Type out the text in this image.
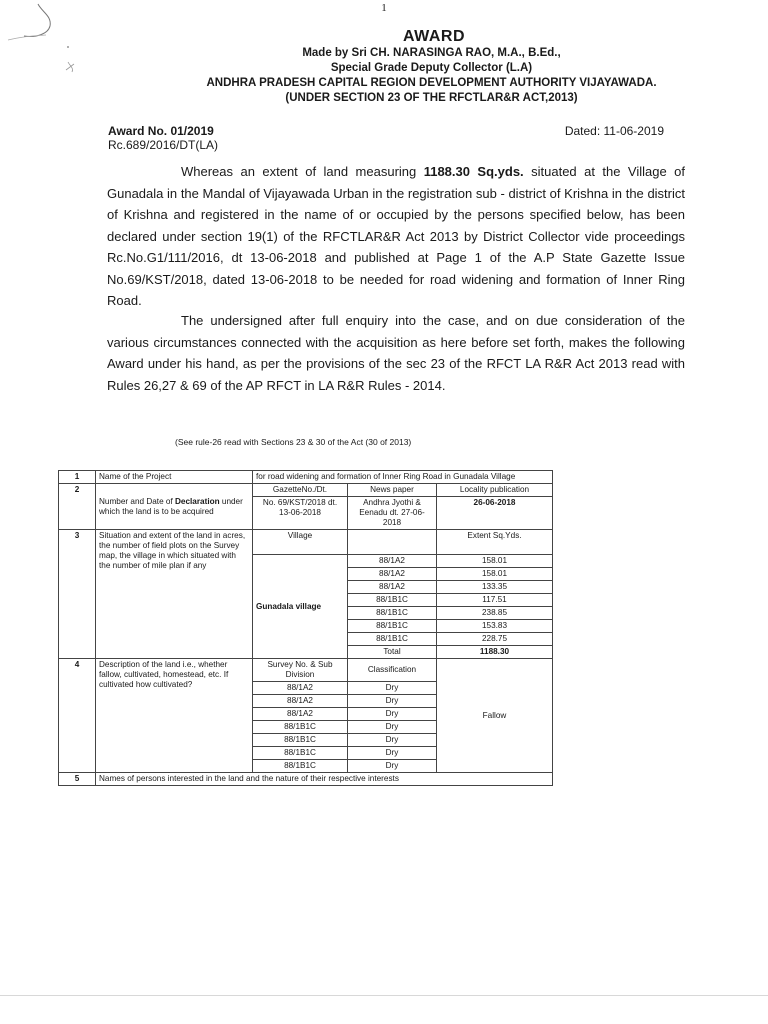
1
AWARD
Made by Sri CH. NARASINGA RAO, M.A., B.Ed.,
Special Grade Deputy Collector (L.A)
ANDHRA PRADESH CAPITAL REGION DEVELOPMENT AUTHORITY VIJAYAWADA.
(UNDER SECTION 23 OF THE RFCTLAR&R ACT,2013)
Award No. 01/2019	Dated: 11-06-2019
Rc.689/2016/DT(LA)
Whereas an extent of land measuring 1188.30 Sq.yds. situated at the Village of Gunadala in the Mandal of Vijayawada Urban in the registration sub - district of Krishna in the district of Krishna and registered in the name of or occupied by the persons specified below, has been declared under section 19(1) of the RFCTLAR&R Act 2013 by District Collector vide proceedings Rc.No.G1/111/2016, dt 13-06-2018 and published at Page 1 of the A.P State Gazette Issue No.69/KST/2018, dated 13-06-2018 to be needed for road widening and formation of Inner Ring Road.
The undersigned after full enquiry into the case, and on due consideration of the various circumstances connected with the acquisition as here before set forth, makes the following Award under his hand, as per the provisions of the sec 23 of the RFCT LA R&R Act 2013 read with Rules 26,27 & 69 of the AP RFCT in LA R&R Rules - 2014.
(See rule-26 read with Sections 23 & 30 of the Act (30 of 2013)
1	Name of the Project	for road widening and formation of Inner Ring Road in Gunadala Village		
2	Number and Date of Declaration under which the land is to be acquired	GazetteNo./Dt.	News paper	Locality publication
		No. 69/KST/2018 dt. 13-06-2018	Andhra Jyothi & Eenadu dt. 27-06-2018	26-06-2018
3	Situation and extent of the land in acres, the number of field plots on the Survey map, the village in which situated with the number of mile plan if any	Village		Extent Sq.Yds.
		Gunadala village	88/1A2	158.01
			88/1A2	158.01
			88/1A2	133.35
			88/1B1C	117.51
			88/1B1C	238.85
			88/1B1C	153.83
			88/1B1C	228.75
			Total	1188.30
4	Description of the land i.e., whether fallow, cultivated, homestead, etc. If cultivated how cultivated?	Survey No. & Sub Division	Classification	Fallow
		88/1A2	Dry	
		88/1A2	Dry	
		88/1A2	Dry	
		88/1B1C	Dry	
		88/1B1C	Dry	
		88/1B1C	Dry	
		88/1B1C	Dry	
5	Names of persons interested in the land and the nature of their respective interests			
